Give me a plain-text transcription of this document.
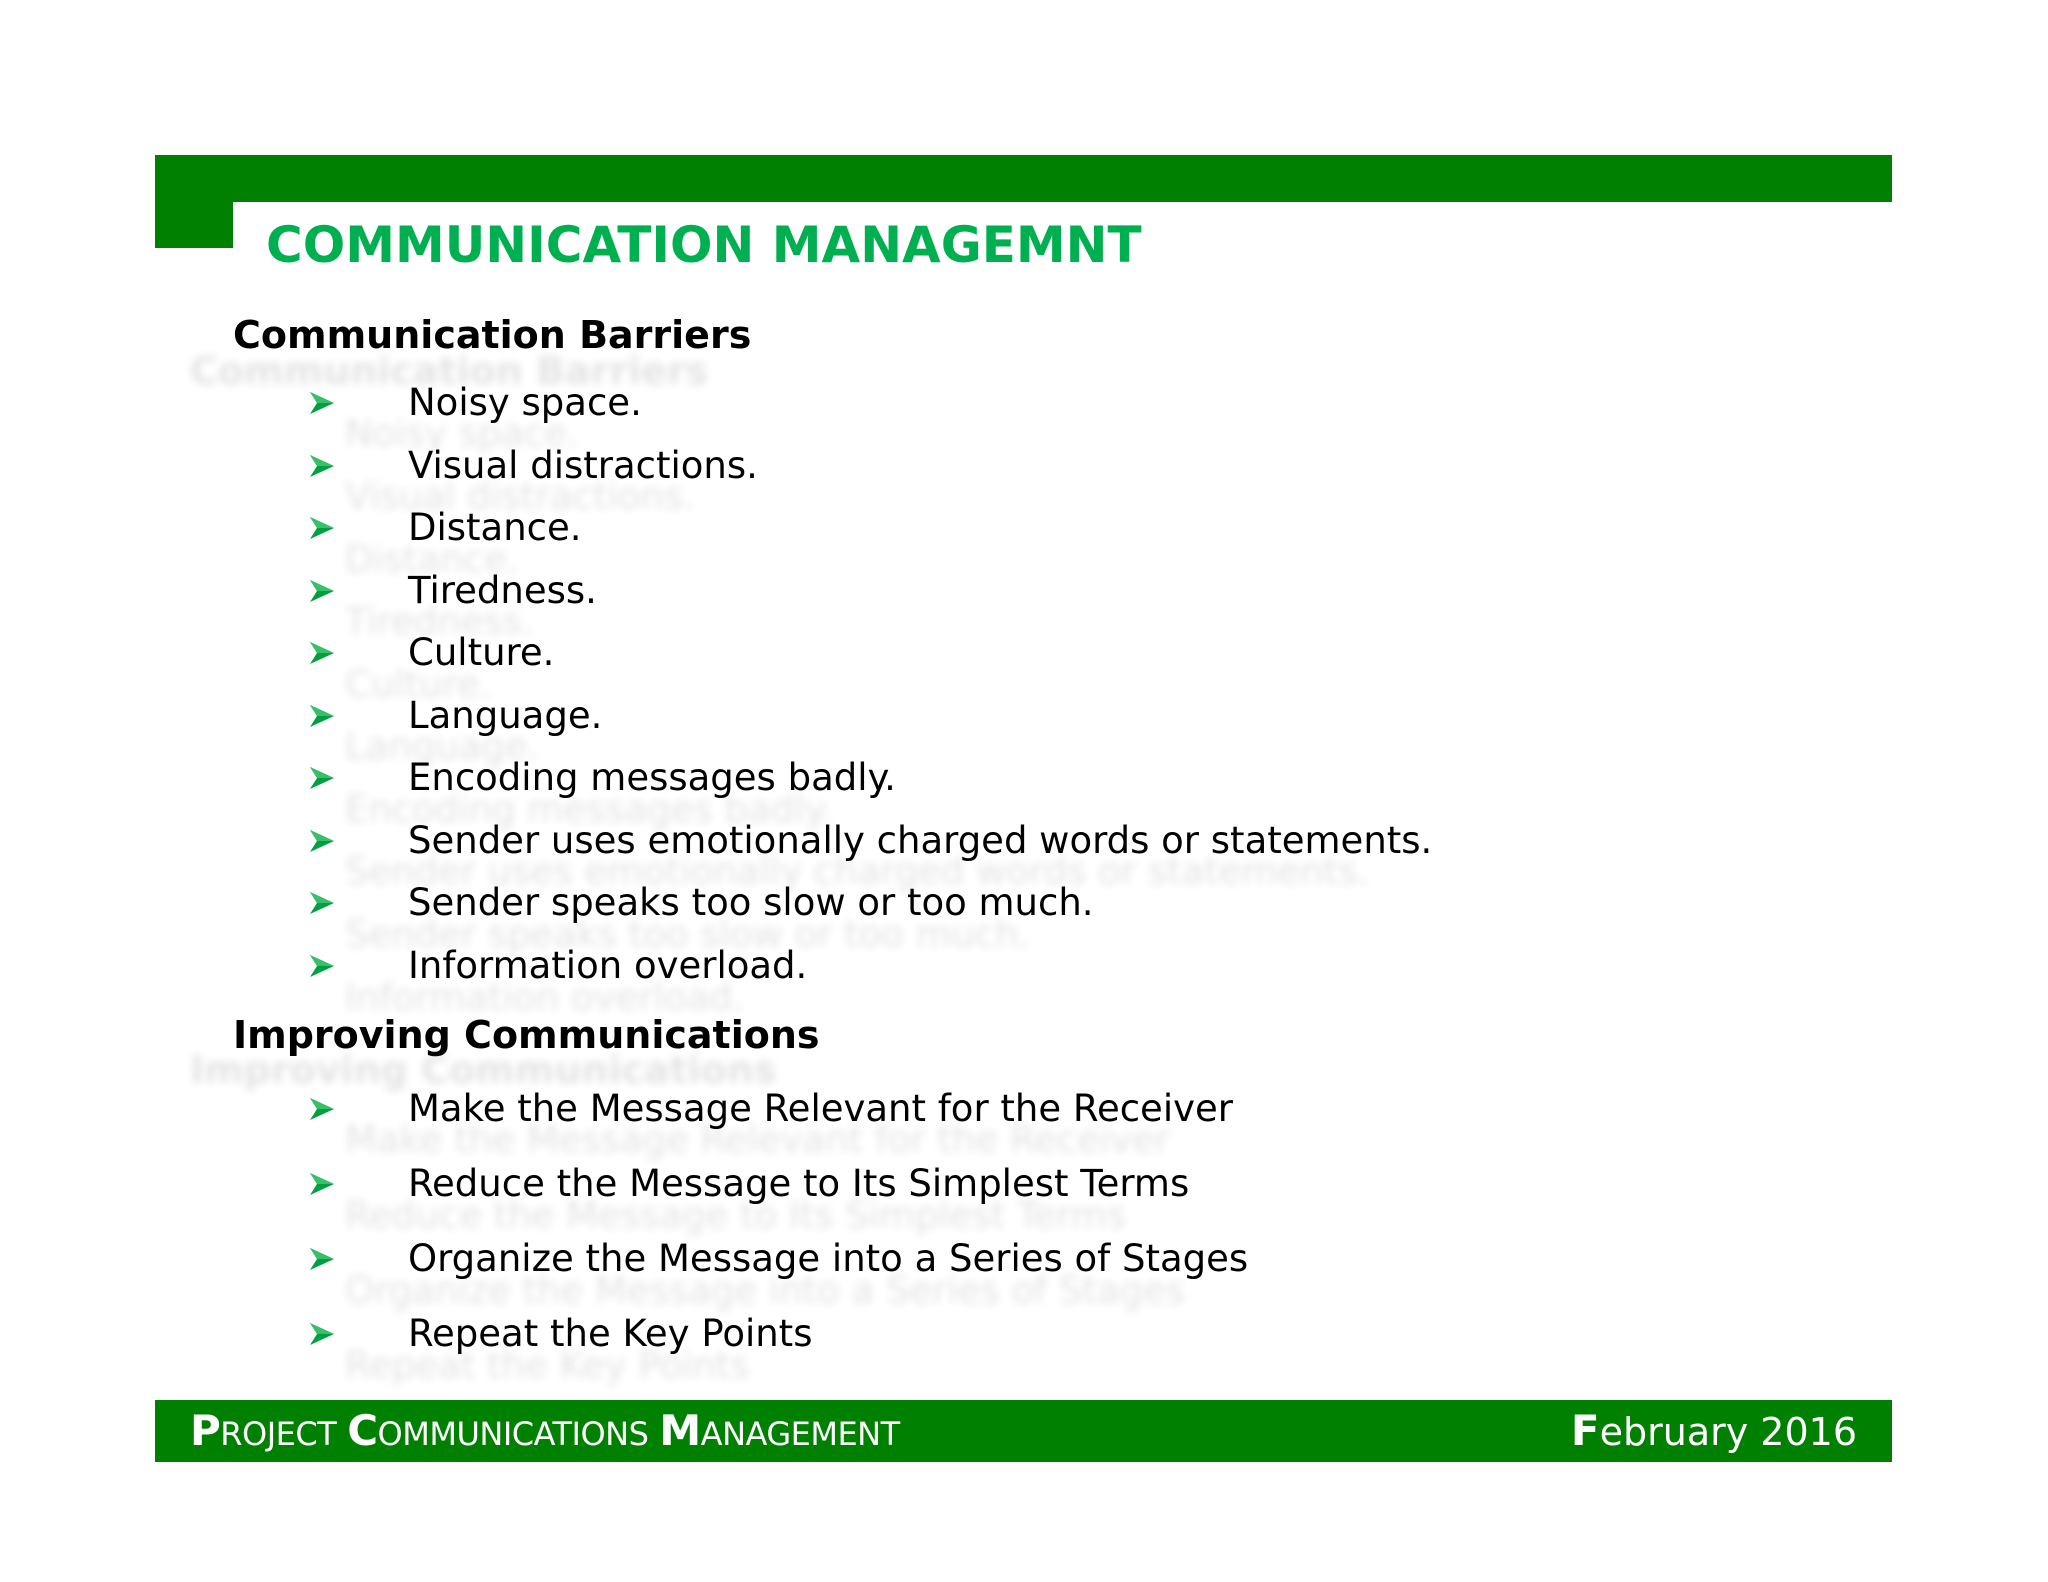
COMMUNICATION MANAGEMNT
Communication Barriers
Noisy space.
Visual distractions.
Distance.
Tiredness.
Culture.
Language.
Encoding messages badly.
Sender uses emotionally charged words or statements.
Sender speaks too slow or too much.
Information overload.
Improving Communications
Make the Message Relevant for the Receiver
Reduce the Message to Its Simplest Terms
Organize the Message into a Series of Stages
Repeat the Key Points
Communication Barriers
Noisy space.
Visual distractions.
Distance.
Tiredness.
Culture.
Language.
Encoding messages badly.
Sender uses emotionally charged words or statements.
Sender speaks too slow or too much.
Information overload.
Improving Communications
Make the Message Relevant for the Receiver
Reduce the Message to Its Simplest Terms
Organize the Message into a Series of Stages
Repeat the Key Points
PROJECT COMMUNICATIONS MANAGEMENT	February 2016
